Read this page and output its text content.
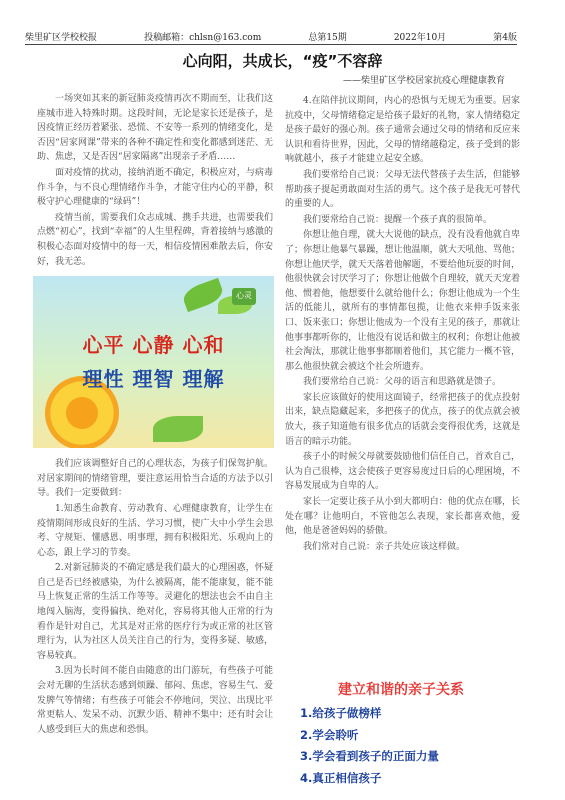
柴里矿区学校校报	投稿邮箱：chlsn@163.com	总第15期	2022年10月	第4版
心向阳，共成长，“疫”不容辞
——柴里矿区学校居家抗疫心理健康教育

一场突如其来的新冠肺炎疫情再次不期而至，让我们这座城市进入特殊时期。这段时间，无论是家长还是孩子，是因疫情正经历着紧张、恐慌、不安等一系列的情绪变化，是否因“居家网课”带来的各种不确定性和变化都感到迷茫、无助、焦虑，又是否因“居家隔离”出现亲子矛盾……

面对疫情的扰动，接纳消逝不确定，积极应对，与病毒作斗争，与不良心理情绪作斗争，才能守住内心的平静，积极守护心理健康的“绿码”！

疫情当前，需要我们众志成城、携手共进，也需要我们点燃“初心”，找到“幸福”的人生里程碑，背着接纳与感激的积极心态面对疫情中的每一天，相信疫情困难散去后，你安好，我无恙。

心灵
心平 心静 心和
理性 理智 理解

我们应该调整好自己的心理状态，为孩子们保驾护航。对居家期间的情绪管理，要注意运用恰当合适的方法予以引导。我们一定要做到：

1.知悉生命教育、劳动教育、心理健康教育，让学生在疫情期间形成良好的生活、学习习惯，使广大中小学生会思考、守规矩、懂感恩、明事理，拥有积极阳光、乐观向上的心态，跟上学习的节奏。

2.对新冠肺炎的不确定感是我们最大的心理困惑，怀疑自己是否已经被感染，为什么被隔离，能不能康复，能不能马上恢复正常的生活工作等等。灵避化的想法也会不由自主地闯入脑海，变得偏执、绝对化，容易将其他人正常的行为看作是针对自己，尤其是对正常的医疗行为或正常的社区管理行为，认为社区人员关注自己的行为，变得多疑、敏感，容易较真。

3.因为长时间不能自由随意的出门游玩，有些孩子可能会对无聊的生活状态感到烦躁、郁闷、焦虑，容易生气、爱发脾气等情绪；有些孩子可能会不停地问，哭泣、出现比平常更粘人、发呆不动、沉默少语、精神不集中；还有时会让人感受到巨大的焦虑和恐惧。

4.在陪伴抗议期间，内心的恐惧与无规无为重要。居家抗疫中，父母情绪稳定是给孩子最好的礼物，家人情绪稳定是孩子最好的强心剂。孩子通常会通过父母的情绪和反应来认识和看待世界，因此，父母的情绪越稳定，孩子受到的影响就越小，孩子才能建立起安全感。

我们要常给自己说：父母无法代替孩子去生活，但能够帮助孩子提起勇敢面对生活的勇气。这个孩子是我无可替代的重要的人。

我们要常给自己说：提醒一个孩子真的很简单。

你想让他自理，就大大说他的缺点，没有没看他就自卑了；你想让他暴气暴躁，想让他温顺，就大天吼他、骂他；你想让他厌学，就天天落着他解题，不要给他玩耍的时间，他很快就会讨厌学习了；你想让他做个自理较，就天天宠着他、惯着他，他想要什么就给他什么；你想让他成为一个生活的低能儿，就所有的事情都包揽，让他衣来伸手饭来张口、饭来张口；你想让他成为一个没有主见的孩子，那就让他事事都听你的，让他没有说话和做主的权利；你想让他被社会淘汰，那就让他事事都顺着他们，其它能力一概不管，那么他很快就会被这个社会所遗弃。

我们要常给自己说：父母的语言和思路就是馈子。

家长应该做好的使用这面镜子，经常把孩子的优点投射出来，缺点隐藏起来，多把孩子的优点，孩子的优点就会被放大，孩子知道他有很多优点的话就会变得很优秀，这就是语言的暗示功能。

孩子小的时候父母就要鼓励他们信任自己，首欢自己，认为自己很棒，这会使孩子更容易度过日后的心理困境，不容易发展成为自卑的人。

家长一定要让孩子从小到大都明白：他的优点在哪，长处在哪？让他明白，不管他怎么表现，家长都喜欢他，爱他，他是爸爸妈妈的骄傲。

我们常对自己说：亲子共处应该这样做。

建立和谐的亲子关系
1.给孩子做榜样
2.学会聆听
3.学会看到孩子的正面力量
4.真正相信孩子
